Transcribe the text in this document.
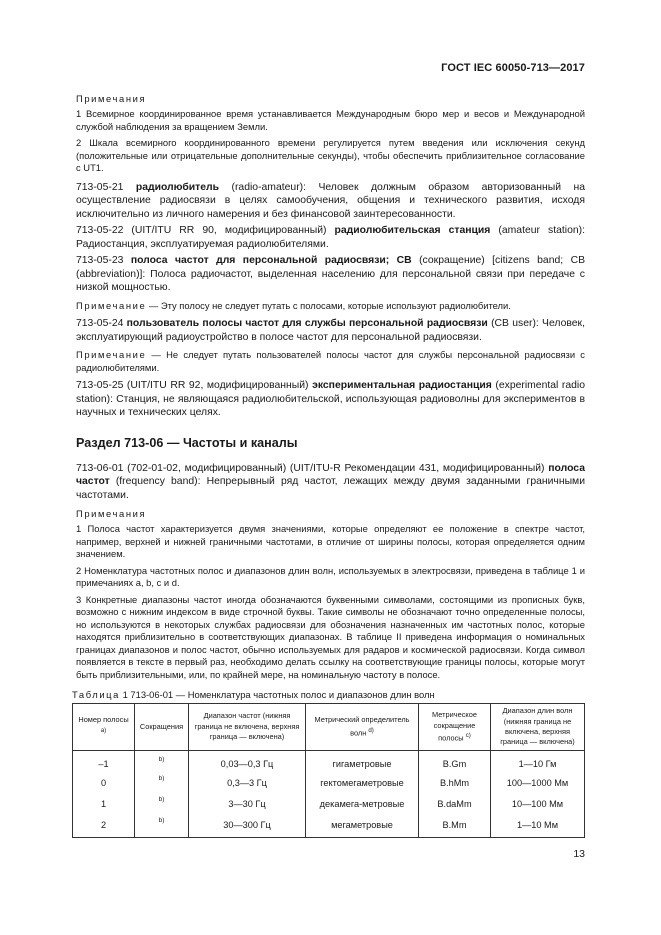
ГОСТ IEC 60050-713—2017
Примечания

1 Всемирное координированное время устанавливается Международным бюро мер и весов и Международной службой наблюдения за вращением Земли.

2 Шкала всемирного координированного времени регулируется путем введения или исключения секунд (положительные или отрицательные дополнительные секунды), чтобы обеспечить приблизительное согласование с UT1.

713-05-21 радиолюбитель (radio-amateur): Человек должным образом авторизованный на осуществление радиосвязи в целях самообучения, общения и технического развития, исходя исключительно из личного намерения и без финансовой заинтересованности.

713-05-22 (UIT/ITU RR 90, модифицированный) радиолюбительская станция (amateur station): Радиостанция, эксплуатируемая радиолюбителями.

713-05-23 полоса частот для персональной радиосвязи; CB (сокращение) [citizens band; CB (abbreviation)]: Полоса радиочастот, выделенная населению для персональной связи при передаче с низкой мощностью.

Примечание — Эту полосу не следует путать с полосами, которые используют радиолюбители.

713-05-24 пользователь полосы частот для службы персональной радиосвязи (CB user): Человек, эксплуатирующий радиоустройство в полосе частот для персональной радиосвязи.

Примечание — Не следует путать пользователей полосы частот для службы персональной радиосвязи с радиолюбителями.

713-05-25 (UIT/ITU RR 92, модифицированный) экспериментальная радиостанция (experimental radio station): Станция, не являющаяся радиолюбительской, использующая радиоволны для экспериментов в научных и технических целях.

Раздел 713-06 — Частоты и каналы

713-06-01 (702-01-02, модифицированный) (UIT/ITU-R Рекомендации 431, модифицированный) полоса частот (frequency band): Непрерывный ряд частот, лежащих между двумя заданными граничными частотами.

Примечания

1 Полоса частот характеризуется двумя значениями, которые определяют ее положение в спектре частот, например, верхней и нижней граничными частотами, в отличие от ширины полосы, которая определяется одним значением.

2 Номенклатура частотных полос и диапазонов длин волн, используемых в электросвязи, приведена в таблице 1 и примечаниях a, b, c и d.

3 Конкретные диапазоны частот иногда обозначаются буквенными символами, состоящими из прописных букв, возможно с нижним индексом в виде строчной буквы. Такие символы не обозначают точно определенные полосы, но используются в некоторых службах радиосвязи для обозначения назначенных им частотных полос, которые находятся приблизительно в соответствующих диапазонах. В таблице II приведена информация о номинальных границах диапазонов и полос частот, обычно используемых для радаров и космической радиосвязи. Когда символ появляется в тексте в первый раз, необходимо делать ссылку на соответствующие границы полосы, которые могут быть приблизительными, или, по крайней мере, на номинальную частоту в полосе.

Таблица 1 713-06-01 — Номенклатура частотных полос и диапазонов длин волн
Номер полосы $^{a)}$	Сокращения	Диапазон частот (нижняя граница не включена, верхняя граница — включена)	Метрический определитель волн $^{d)}$	Метрическое сокращение полосы $^{c)}$	Диапазон длин волн (нижняя граница не включена, верхняя граница — включена)
–1	b)	0,03—0,3 Гц	гигаметровые	B.Gm	1—10 Гм
0	b)	0,3—3 Гц	гектомегаметровые	B.hMm	100—1000 Мм
1	b)	3—30 Гц	декамега-метровые	B.daMm	10—100 Мм
2	b)	30—300 Гц	мегаметровые	B.Mm	1—10 Мм
13
